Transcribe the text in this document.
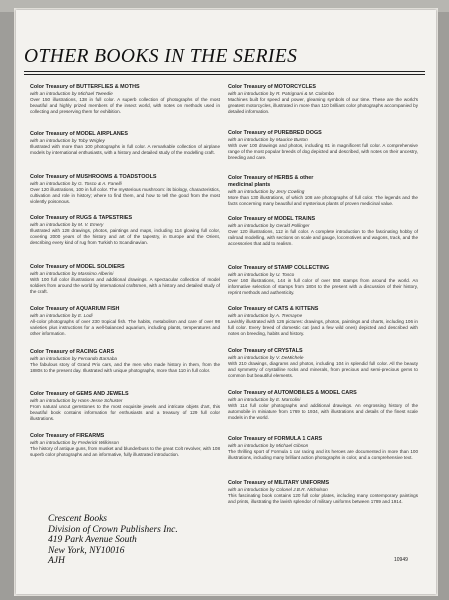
OTHER BOOKS IN THE SERIES
Color Treasury of BUTTERFLIES & MOTHS
with an introduction by Michael Tweedie
Over 150 illustrations, 138 in full color. A superb collection of photographs of the most beautiful and highly prized members of the insect world, with notes on methods used in collecting and preserving them for exhibition.
Color Treasury of MODEL AIRPLANES
with an introduction by Toby Wrigley
Illustrated with more than 100 photographs in full color. A remarkable collection of airplane models by international enthusiasts, with a history and detailed study of the modelling craft.
Color Treasury of MUSHROOMS & TOADSTOOLS
with an introduction by G. Tosco & A. Fanelli
Over 120 illustrations, 100 in full color. The mysterious mushroom: its biology, characteristics, cultivation and role in history; where to find them, and how to tell the good from the most violently poisonous.
Color Treasury of RUGS & TAPESTRIES
with an introduction by M. V. Emery
Illustrated with 128 drawings, photos, paintings and maps, including 114 glowing full color, covering 2000 years of the history and art of the tapestry, in Europe and the Orient, describing every kind of rug from Turkish to Scandinavian.
Color Treasury of MODEL SOLDIERS
with an introduction by Massimo Alberini
With 100 full color illustrations and additional drawings. A spectacular collection of model soldiers from around the world by international craftsmen, with a history and detailed study of the craft.
Color Treasury of AQUARIUM FISH
with an introduction by E. Lodi
All-color photographs of over 230 tropical fish. The habits, metabolism and care of over 98 varieties plus instructions for a well-balanced aquarium, including plants, temperatures and other information.
Color Treasury of RACING CARS
with an introduction by Fernando Barnaba
The fabulous story of Grand Prix cars, and the men who made history in them, from the 1880s to the present day. Illustrated with unique photographs, more than 110 in full color.
Color Treasury of GEMS AND JEWELS
with an introduction by Hans-Jesse Schuster
From natural uncut gemstones to the most exquisite jewels and intricate objets d'art, this beautiful book contains information for enthusiasts and a treasury of 129 full color illustrations.
Color Treasury of FIREARMS
with an introduction by Frederick Wilkinson
The history of antique guns, from musket and blunderbuss to the great Colt revolver, with 108 superb color photographs and an informative, fully illustrated introduction.
Color Treasury of MOTORCYCLES
with an introduction by R. Patrignani & M. Colombo
Machines built for speed and power, gleaming symbols of our time. These are the world's greatest motorcycles, illustrated in more than 110 brilliant color photographs accompanied by detailed information.
Color Treasury of PUREBRED DOGS
with an introduction by Maurice Burton
With over 100 drawings and photos, including 81 in magnificent full color. A comprehensive range of the most popular breeds of dog depicted and described, with notes on their ancestry, breeding and care.
Color Treasury of HERBS & other medicinal plants
with an introduction by Jerry Cowling
More than 130 illustrations, of which 108 are photographs of full color. The legends and the facts concerning many beautiful and mysterious plants of proven medicinal value.
Color Treasury of MODEL TRAINS
with an introduction by Gerald Pollinger
Over 120 illustrations, 112 in full color. A complete introduction to the fascinating hobby of railroad modelling, with sections on scale and gauge, locomotives and wagons, track, and the accessories that add to realism.
Color Treasury of STAMP COLLECTING
with an introduction by U. Tosco
Over 160 illustrations, 144 in full color of over 550 stamps from around the world. An informative selection of stamps from 1804 to the present with a discussion of their history, reprint methods and authenticity.
Color Treasury of CATS & KITTENS
with an introduction by A. Tremayne
Lavishly illustrated with 126 pictures: drawings, photos, paintings and charts, including 106 in full color. Every breed of domestic cat (and a few wild ones) depicted and described with notes on breeding, habits and history.
Color Treasury of CRYSTALS
with an introduction by V. DeMichele
With 210 drawings, diagrams and photos, including 104 in splendid full color. All the beauty and symmetry of crystalline rocks and minerals, from precious and semi-precious gems to common but beautiful elements.
Color Treasury of AUTOMOBILES & MODEL CARS
with an introduction by E. Marcolini
With 114 full color photographs and additional drawings. An engrossing history of the automobile in miniature from 1769 to 1934, with illustrations and details of the finest scale models in the world.
Color Treasury of FORMULA 1 CARS
with an introduction by Michael Gibson
The thrilling sport of Formula 1 car racing and its heroes are documented in more than 100 illustrations, including many brilliant action photographs in color, and a comprehensive text.
Color Treasury of MILITARY UNIFORMS
with an introduction by Colonel J.B.R. Nicholson
This fascinating book contains 120 full color plates, including many contemporary paintings and prints, illustrating the lavish splendor of military uniforms between 1789 and 1914.
Crescent Books
Division of Crown Publishers Inc.
419 Park Avenue South
New York, NY10016
AJH	10949
